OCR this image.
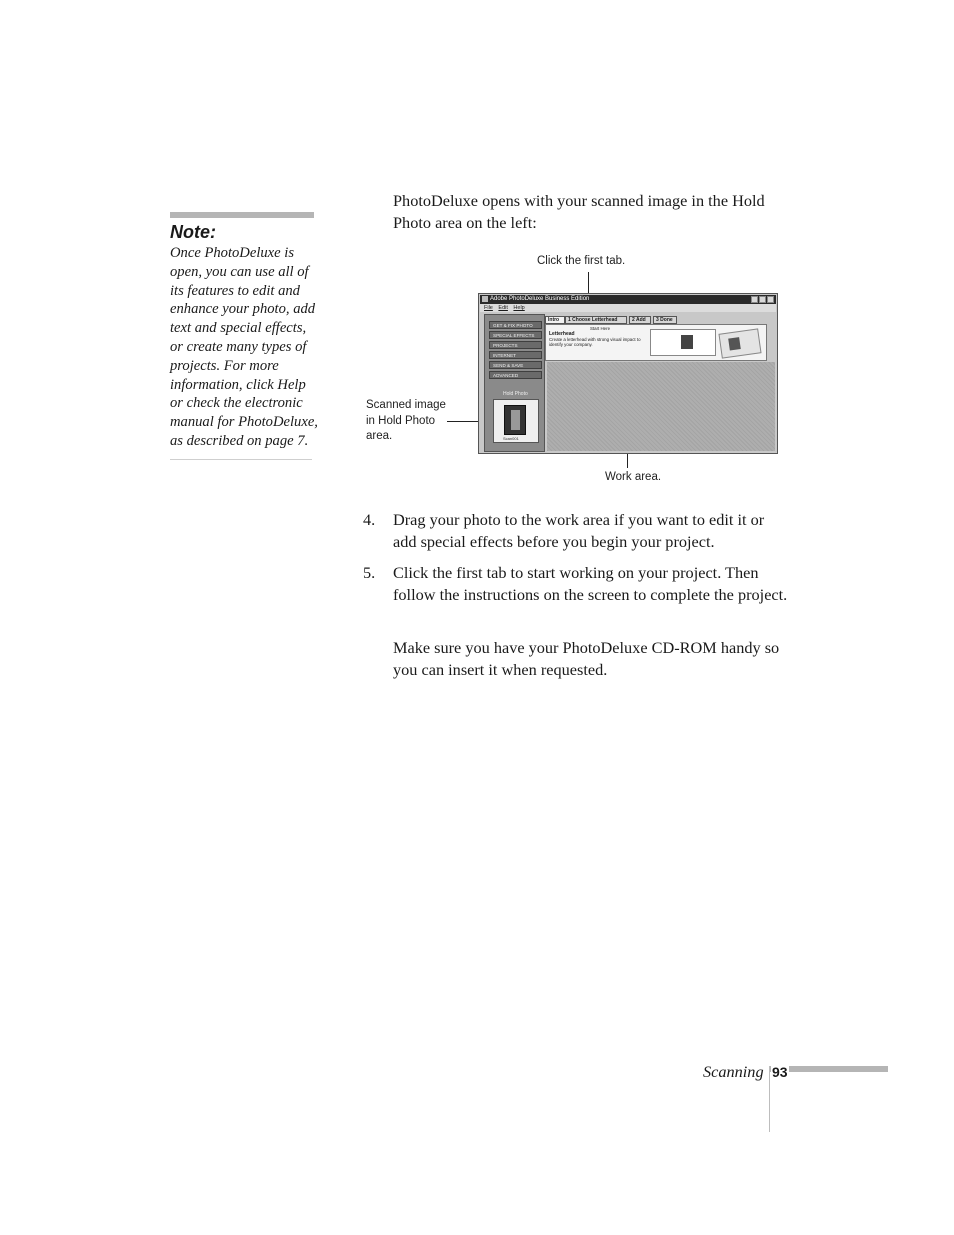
Note:
Once PhotoDeluxe is open, you can use all of its features to edit and enhance your photo, add text and special effects, or create many types of projects. For more information, click Help or check the electronic manual for PhotoDeluxe, as described on page 7.
PhotoDeluxe opens with your scanned image in the Hold Photo area on the left:
Click the first tab.
Scanned image in Hold Photo area.
Work area.
Adobe PhotoDeluxe Business Edition
File Edit Help
GET & FIX PHOTO
SPECIAL EFFECTS
PROJECTS
INTERNET
SEND & SAVE
ADVANCED
Hold Photo
Scan001
Intro	1 Choose Letterhead	2 Add	3 Done
Start Here
Letterhead
Create a letterhead with strong visual impact to identify your company.
4. Drag your photo to the work area if you want to edit it or add special effects before you begin your project.
5. Click the first tab to start working on your project. Then follow the instructions on the screen to complete the project.
Make sure you have your PhotoDeluxe CD-ROM handy so you can insert it when requested.
Scanning 93
